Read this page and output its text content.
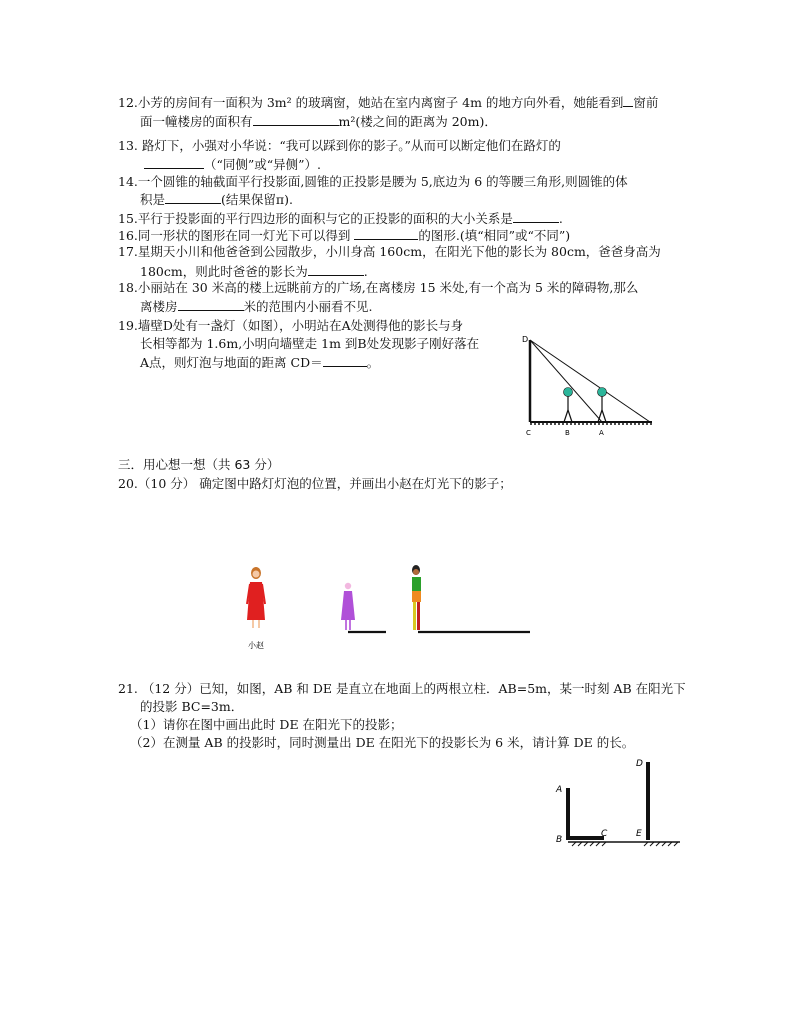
12.小芳的房间有一面积为 3m² 的玻璃窗，她站在室内离窗子 4m 的地方向外看，她能看到 窗前
面一幢楼房的面积有	m²(楼之间的距离为 20m)．
13. 路灯下，小强对小华说：“我可以踩到你的影子。”从而可以断定他们在路灯的
（“同侧”或“异侧”）.
14.一个圆锥的轴截面平行投影面,圆锥的正投影是腰为 5,底边为 6 的等腰三角形,则圆锥的体
积是	(结果保留π).
15.平行于投影面的平行四边形的面积与它的正投影的面积的大小关系是	.
16.同一形状的图形在同一灯光下可以得到	的图形.(填“相同”或“不同”)
17.星期天小川和他爸爸到公园散步，小川身高 160cm，在阳光下他的影长为 80cm，爸爸身高为
180cm，则此时爸爸的影长为	.
18.小丽站在 30 米高的楼上远眺前方的广场,在离楼房 15 米处,有一个高为 5 米的障碍物,那么
离楼房	米的范围内小丽看不见.
19.墙壁D处有一盏灯（如图），小明站在A处测得他的影长与身
长相等都为 1.6m,小明向墙壁走 1m 到B处发现影子刚好落在
A点，则灯泡与地面的距离 CD＝	。
D
C	B	A
三．用心想一想（共 63 分）
20.（10 分） 确定图中路灯灯泡的位置，并画出小赵在灯光下的影子；
小赵
21. （12 分）已知，如图，AB 和 DE 是直立在地面上的两根立柱．AB=5m，某一时刻 AB 在阳光下
的投影 BC=3m．
（1）请你在图中画出此时 DE 在阳光下的投影；
（2）在测量 AB 的投影时，同时测量出 DE 在阳光下的投影长为 6 米，请计算 DE 的长。
A
B
C
D
E
